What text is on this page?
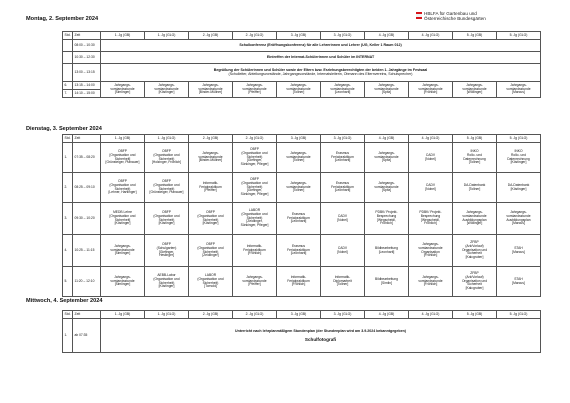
HBLFA für Gartenbau und
Österreichische Bundesgärten
Montag, 2. September 2024
Std.	Zeit	1. Jg (GB)	1. Jg (GLG)	2. Jg (GB)	2. Jg (GLG)	3. Jg (GB)	3. Jg (GLG)	4. Jg (GB)	4. Jg (GLG)	5. Jg (GB)	5. Jg (GLG)
	08:00 – 10:30	Schulkonferenz (Eröffnungskonferenz) für alle Lehrerinnen und Lehrer (UG, Keller 1 Raum 012)									
	10:30 – 12:30	Eintreffen der Internat-Schülerinnen und Schüler im INTERNAT									
	13:00 – 13:15	Begrüßung der Schülerinnen und Schüler sowie der Eltern bzw. Erziehungsberechtigten der beiden 1. Jahrgänge im Festsaal
(Schulleiter, Abteilungsvorstände, Jahrgangsvorstände, Internatsleiterin, Obmann des Elternvereins, Schulsprecher)									
6.	13:15 – 14:00	Jahrgangs-
vorstandsstunde
[Simlinger]	Jahrgangs-
vorstandsstunde
[Köstinger]	Jahrgangs-
vorstandsstunde
[Binder-Müllner]	Jahrgangs-
vorstandsstunde
[Pfeiffer]	Jahrgangs-
vorstandsstunde
[Tollner]	Jahrgangs-
vorstandsstunde
[Leonhartl]	Jahrgangs-
vorstandsstunde
[Spitz]	Jahrgangs-
vorstandsstunde
[Fröhlich]	Jahrgangs-
vorstandsstunde
[Wöllinger]	Jahrgangs-
vorstandsstunde
[Marcus]
7.	14:10 – 15:00										
Dienstag, 3. September 2024
Std.	Zeit	1. Jg (GB)	1. Jg (GLG)	2. Jg (GB)	2. Jg (GLG)	3. Jg (GB)	3. Jg (GLG)	4. Jg (GB)	4. Jg (GLG)	5. Jg (GB)	5. Jg (GLG)
1.	07:35 – 08:20	OBFP
[Organisation und
Sicherheit]
[Grünsteiger, Planauer]	OBFP
(Organisation und
Sicherheit)
[Holzinger, Fröhlich]	Jahrgangs-
vorstandsstunde
[Binder-Müllner]	OBFP
(Organisation und
Sicherheit)
[Giefinger,
Sünkinger, Pfleger]	Jahrgangs-
vorstandsstunde
[Tollner]	Erasmus
FeriaIpraktikum
[Leonhartl]	Jahrgangs-
vorstandsstunde
[Spitz]	CADV
[Nobel]	INKO
Rollo- und
Datenrechnung
[Tollner]	INKO
Rollo- und
Datenrechnung
[Köstinger]
2.	08:25 – 09:10	OBFP
(Organisation und
Sicherheit)
[Lehner, Hartlinger]	OBFP
(Organisation und
Sicherheit)
[Grünsteiger, Planauer]	Informatik-
Ferialpraktikum
[Pfeiffer]	OBFP
(Organisation und
Sicherheit)
[Giefinger,
Sünkinger, Pfleger]	Jahrgangs-
vorstandsstunde
[Tollner]	Erasmus
FeriaIpraktikum
[Leonhartl]	Jahrgangs-
vorstandsstunde
[Spitz]	CADV
[Nobel]	DA-Datenbank
[Tollner]	DA-Datenbank
[Köstinger]
3.	09:30 – 10:20	MEDB Lehre
[Organisation und
Sicherheit]
[Köstinger]	OBFP
(Organisation und
Sicherheit)
[Köstinger]	OBFP
(Organisation und
Sicherheit)
[Köstinger]	LABOR
(Organisation und
Sicherheit)
[Zeidlinger,
Sünkinger, Pfleger]	Erasmus
FeriaIpraktikum
[Leonhartl]	CADV
[Nobel]	PDBK/ Projekt-
Besprechung
[Wegscheidl,
Fröhlich]	PDBK/ Projekt-
Besprechung
[Wegscheidl,
Fröhlich]	Jahrgangs-
vorstandsstunde
Ausbildungsplan
[Wöllinger]	Jahrgangs-
vorstandsstunde
Ausbildungsplan
[Marcus]
4.	10:25 – 11:15	Jahrgangs-
vorstandsstunde
[Simlinger]	OBFP
(Schulgarten)
[Giefinger,
Heslinger]	OBFP
(Organisation und
Sicherheit)
[Zeidlinger]	Informatik-
Ferialpraktikum
[Fröhlich]	Erasmus
FeriaIpraktikum
[Leonhartl]	CADV
[Nobel]	Bildbearbeitung
[Leonhartl]	Jahrgangs-
vorstandsstunde
Organisation
[Fröhlich]	ZFBP
(Ark/Vorlauf)
Organisation und
Sicherheit
[Kalcgruber]	STAH
[Marcus]
5.	11:20 – 12:10	Jahrgangs-
vorstandsstunde
[Simlinger]	AEBB-Labor
(Organisation und
Sicherheit)
[Köstinger]	LABOR
(Organisation und
Sicherheit)
[Tornold]	Jahrgangs-
vorstandsstunde
[Pfeiffer]	Informatik-
Ferialpraktikum
[Fröhlich]	Informatik-
Diplomarbeit
[Tollner]	Bildbearbeitung
[Simlin]	Jahrgangs-
vorstandsstunde
[Fröhlich]	ZFBP
(Ark/Vorlauf)
Organisation und
Sicherheit
[Kalcgruber]	STAH
[Marcus]
Mittwoch, 4. September 2024
Std.	Zeit	1. Jg (GB)	1. Jg (GLG)	2. Jg (GB)	2. Jg (GLG)	3. Jg (GB)	3. Jg (GLG)	4. Jg (GB)	4. Jg (GLG)	5. Jg (GB)	5. Jg (GLG)
1.	ab 07:35	Unterricht nach lehrplanmäßigem Stundenplan (der Stundenplan wird am 3.9.2024 bekanntgegeben)
Schulfotografi									
